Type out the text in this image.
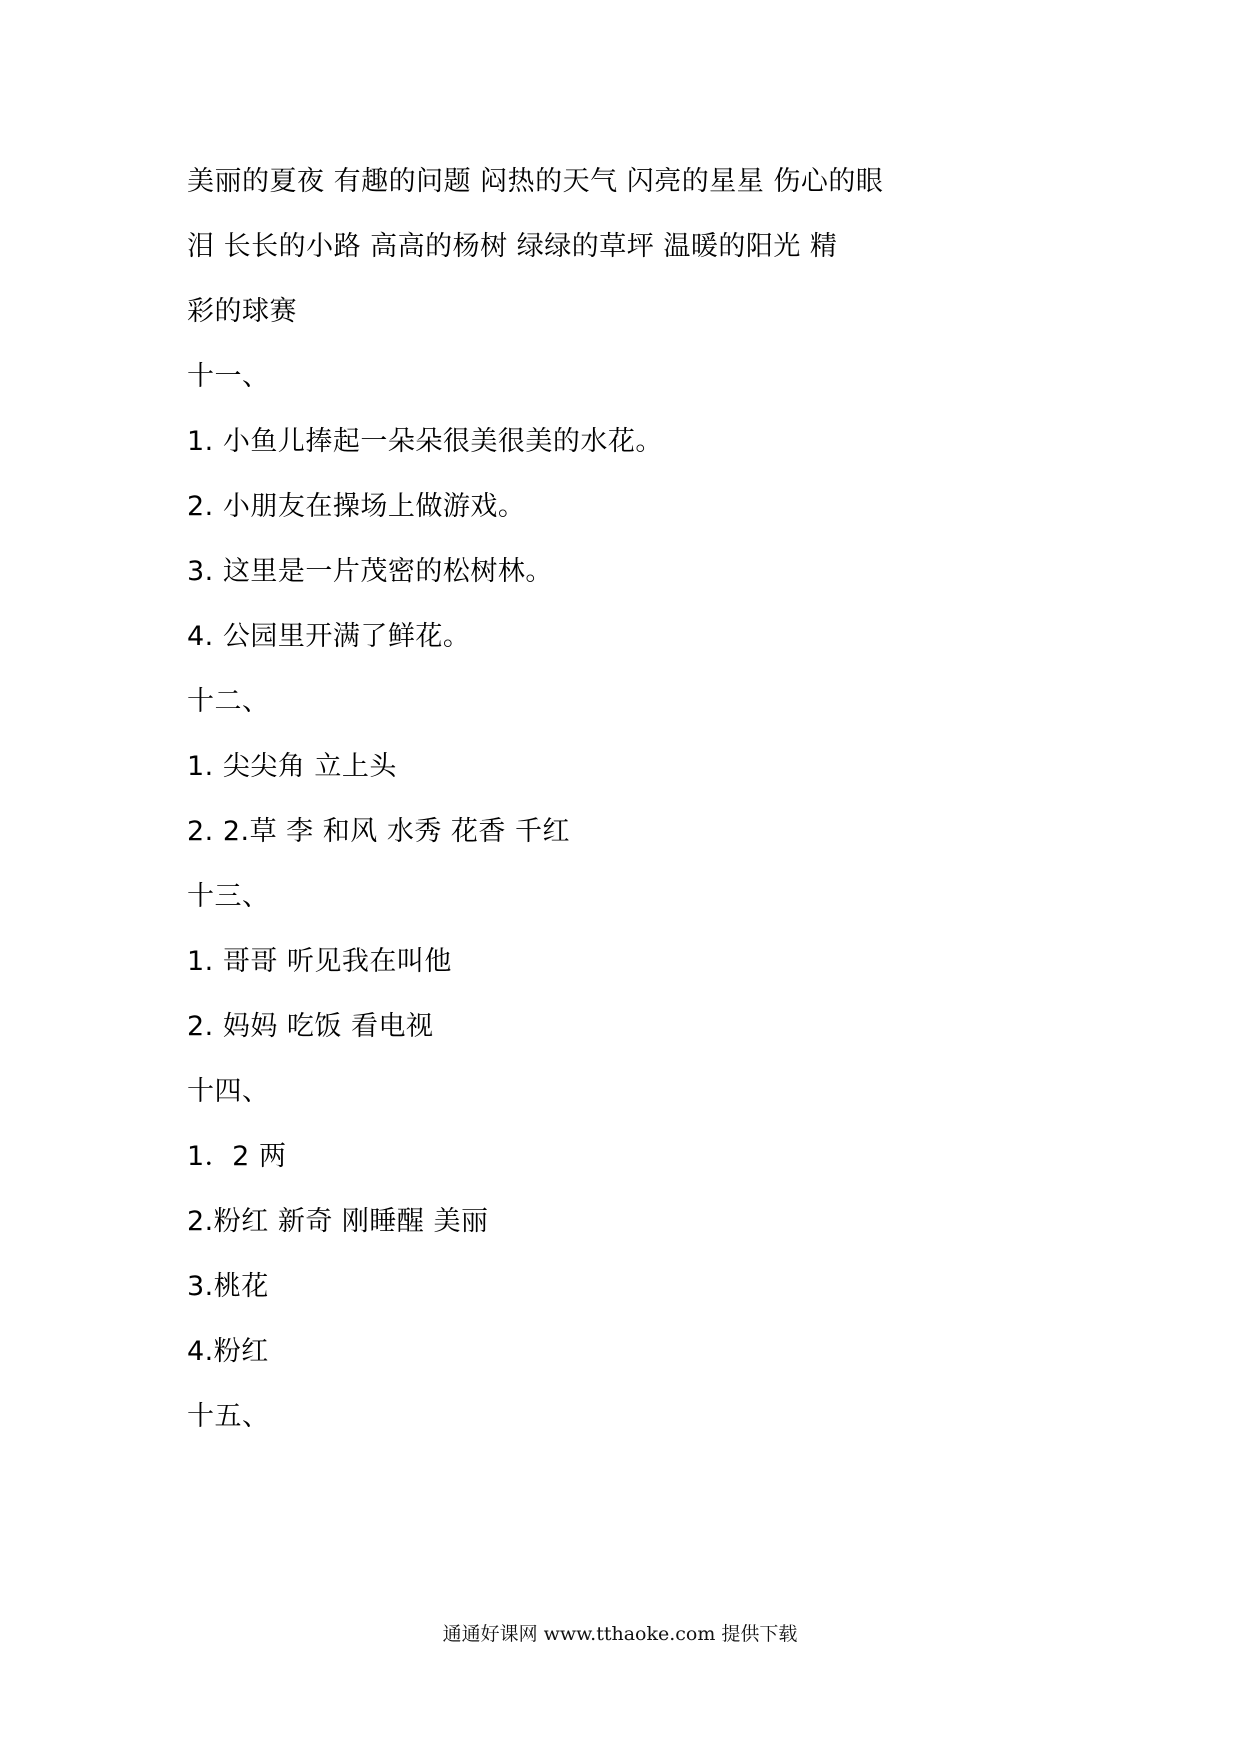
美丽的夏夜 有趣的问题 闷热的天气 闪亮的星星 伤心的眼
泪 长长的小路 高高的杨树 绿绿的草坪 温暖的阳光 精
彩的球赛
十一、
1. 小鱼儿捧起一朵朵很美很美的水花。
2. 小朋友在操场上做游戏。
3. 这里是一片茂密的松树林。
4. 公园里开满了鲜花。
十二、
1. 尖尖角 立上头
2. 2.草 李 和风 水秀 花香 千红
十三、
1. 哥哥 听见我在叫他
2. 妈妈 吃饭 看电视
十四、
1．2 两
2.粉红 新奇 刚睡醒 美丽
3.桃花
4.粉红
十五、
通通好课网 www.tthaoke.com 提供下载
